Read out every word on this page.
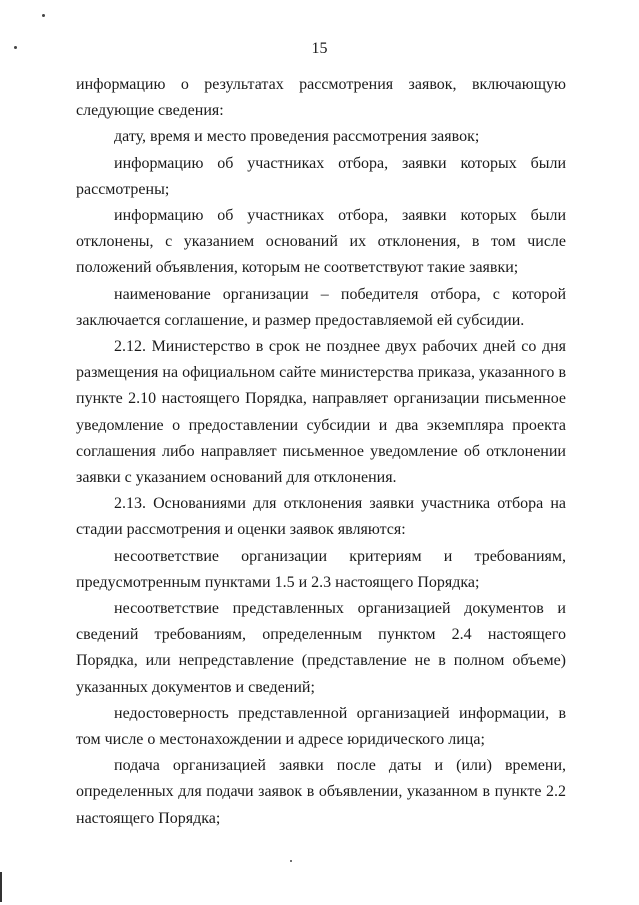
15

информацию о результатах рассмотрения заявок, включающую следующие сведения:

дату, время и место проведения рассмотрения заявок;

информацию об участниках отбора, заявки которых были рассмотрены;

информацию об участниках отбора, заявки которых были отклонены, с указанием оснований их отклонения, в том числе положений объявления, которым не соответствуют такие заявки;

наименование организации – победителя отбора, с которой заключается соглашение, и размер предоставляемой ей субсидии.

2.12. Министерство в срок не позднее двух рабочих дней со дня размещения на официальном сайте министерства приказа, указанного в пункте 2.10 настоящего Порядка, направляет организации письменное уведомление о предоставлении субсидии и два экземпляра проекта соглашения либо направляет письменное уведомление об отклонении заявки с указанием оснований для отклонения.

2.13. Основаниями для отклонения заявки участника отбора на стадии рассмотрения и оценки заявок являются:

несоответствие организации критериям и требованиям, предусмотренным пунктами 1.5 и 2.3 настоящего Порядка;

несоответствие представленных организацией документов и сведений требованиям, определенным пунктом 2.4 настоящего Порядка, или непредставление (представление не в полном объеме) указанных документов и сведений;

недостоверность представленной организацией информации, в том числе о местонахождении и адресе юридического лица;

подача организацией заявки после даты и (или) времени, определенных для подачи заявок в объявлении, указанном в пункте 2.2 настоящего Порядка;
